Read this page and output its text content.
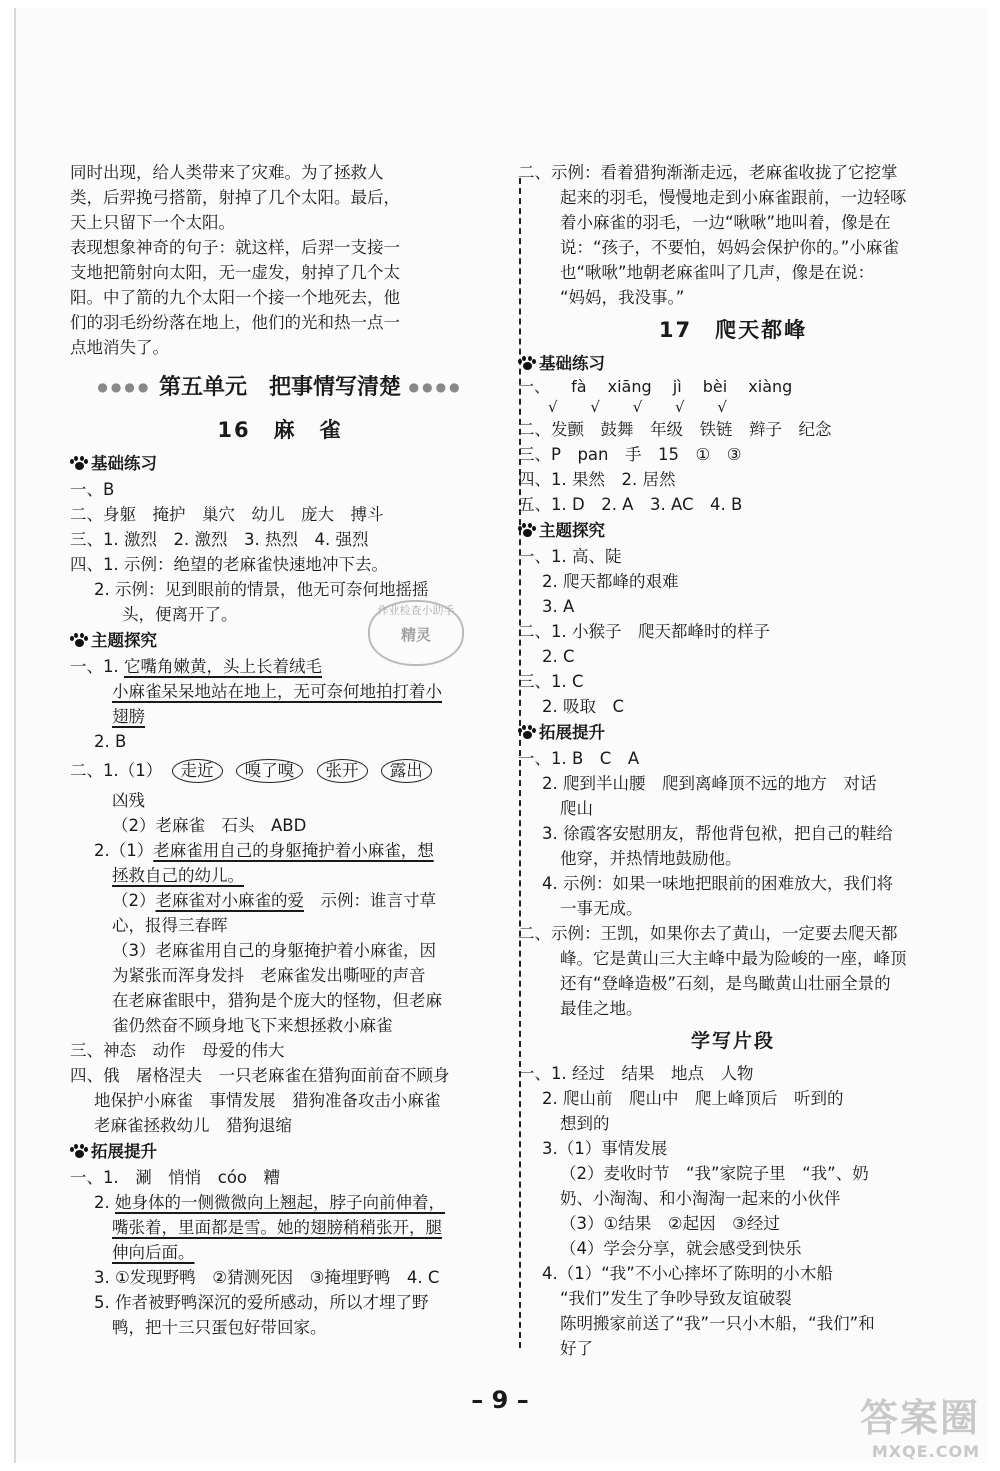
同时出现，给人类带来了灾难。为了拯救人
类，后羿挽弓搭箭，射掉了几个太阳。最后，
天上只留下一个太阳。
表现想象神奇的句子：就这样，后羿一支接一
支地把箭射向太阳，无一虚发，射掉了几个太
阳。中了箭的九个太阳一个接一个地死去，他
们的羽毛纷纷落在地上，他们的光和热一点一
点地消失了。
●●●● 第五单元　把事情写清楚 ●●●●
16　麻　雀
基础练习
一、B
二、身躯　掩护　巢穴　幼儿　庞大　搏斗
三、1. 激烈　2. 激烈　3. 热烈　4. 强烈
四、1. 示例：绝望的老麻雀快速地冲下去。
2. 示例：见到眼前的情景，他无可奈何地摇摇
头，便离开了。
主题探究
一、1. 它嘴角嫩黄，头上长着绒毛
小麻雀呆呆地站在地上，无可奈何地拍打着小
翅膀
2. B
二、1.（1） 走近 嗅了嗅 张开 露出
凶残
（2）老麻雀　石头　ABD
2.（1）老麻雀用自己的身躯掩护着小麻雀，想
拯救自己的幼儿。
（2）老麻雀对小麻雀的爱　 示例：谁言寸草
心，报得三春晖
（3）老麻雀用自己的身躯掩护着小麻雀，因
为紧张而浑身发抖　老麻雀发出嘶哑的声音
在老麻雀眼中，猎狗是个庞大的怪物，但老麻
雀仍然奋不顾身地飞下来想拯救小麻雀
三、神态　动作　母爱的伟大
四、俄　屠格涅夫　一只老麻雀在猎狗面前奋不顾身
地保护小麻雀　事情发展　猎狗准备攻击小麻雀
老麻雀拯救幼儿　猎狗退缩
拓展提升
一、1.　涮　悄悄　cóo　糟
2. 她身体的一侧微微向上翘起，脖子向前伸着，
嘴张着，里面都是雪。她的翅膀稍稍张开，腿
伸向后面。
3. ①发现野鸭　②猜测死因　③掩埋野鸭　4. C
5. 作者被野鸭深沉的爱所感动，所以才埋了野
鸭，把十三只蛋包好带回家。
二、示例：看着猎狗渐渐走远，老麻雀收拢了它挖掌
起来的羽毛，慢慢地走到小麻雀跟前，一边轻啄
着小麻雀的羽毛，一边“啾啾”地叫着，像是在
说：“孩子，不要怕，妈妈会保护你的。”小麻雀
也“啾啾”地朝老麻雀叫了几声，像是在说：
“妈妈，我没事。”
17　爬天都峰
基础练习
一、 fà xiāng jì bèi xiàng
√ √ √ √ √
二、发颤　鼓舞　年级　铁链　辫子　纪念
三、P　pan　手　15　①　③
四、1. 果然　2. 居然
五、1. D　2. A　3. AC　4. B
主题探究
一、1. 高、陡
2. 爬天都峰的艰难
3. A
二、1. 小猴子　爬天都峰时的样子
2. C
三、1. C
2. 吸取　C
拓展提升
一、1. B　C　A
2. 爬到半山腰　爬到离峰顶不远的地方　对话
爬山
3. 徐霞客安慰朋友，帮他背包袱，把自己的鞋给
他穿，并热情地鼓励他。
4. 示例：如果一味地把眼前的困难放大，我们将
一事无成。
二、示例：王凯，如果你去了黄山，一定要去爬天都
峰。它是黄山三大主峰中最为险峻的一座，峰顶
还有“登峰造极”石刻，是鸟瞰黄山壮丽全景的
最佳之地。
学写片段
一、1. 经过　结果　地点　人物
2. 爬山前　爬山中　爬上峰顶后　听到的
想到的
3.（1）事情发展
（2）麦收时节　“我”家院子里　“我”、奶
奶、小淘淘、和小淘淘一起来的小伙伴
（3）①结果　②起因　③经过
（4）学会分享，就会感受到快乐
4.（1）“我”不小心摔坏了陈明的小木船
“我们”发生了争吵导致友谊破裂
陈明搬家前送了“我”一只小木船，“我们”和
好了
作业检查小助手
精灵
– 9 –	答案圈
MXQE.COM
